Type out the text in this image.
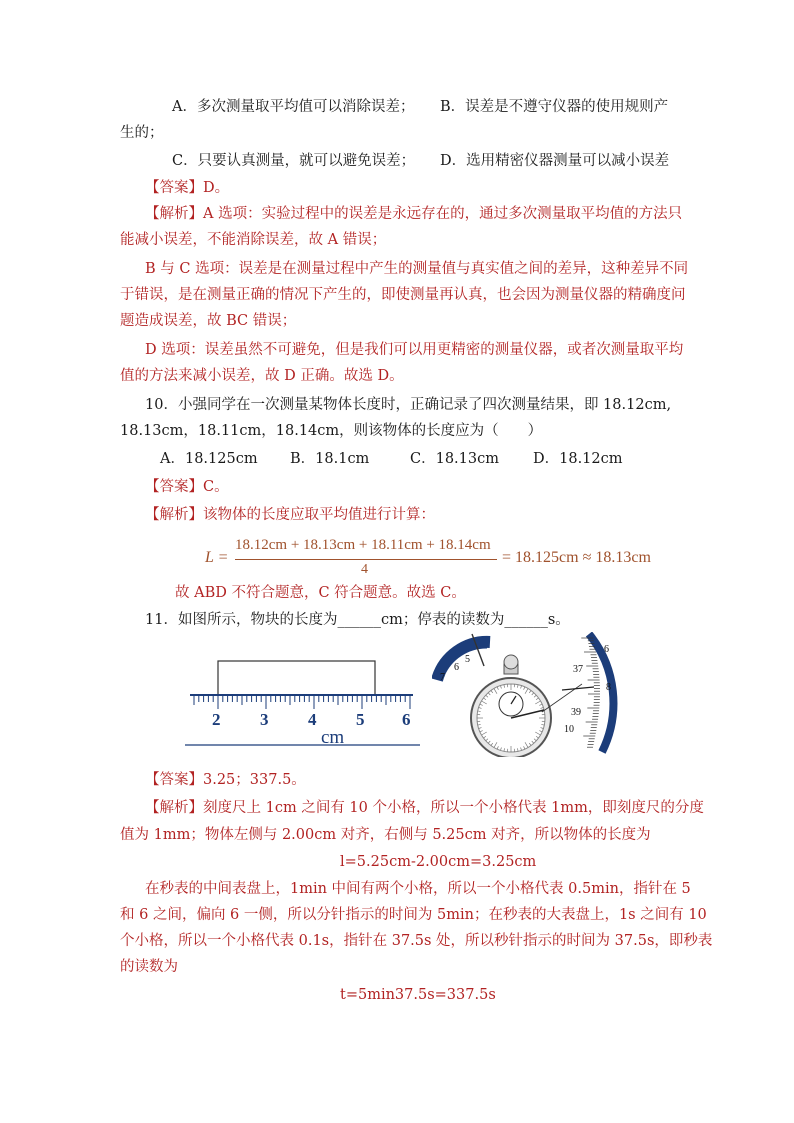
A．多次测量取平均值可以消除误差； B．误差是不遵守仪器的使用规则产
生的；
C．只要认真测量，就可以避免误差； D．选用精密仪器测量可以减小误差
【答案】D。
【解析】A 选项：实验过程中的误差是永远存在的，通过多次测量取平均值的方法只
能减小误差，不能消除误差，故 A 错误；
B 与 C 选项：误差是在测量过程中产生的测量值与真实值之间的差异，这种差异不同
于错误，是在测量正确的情况下产生的，即使测量再认真，也会因为测量仪器的精确度问
题造成误差，故 BC 错误；
D 选项：误差虽然不可避免，但是我们可以用更精密的测量仪器，或者次测量取平均
值的方法来减小误差，故 D 正确。故选 D。
10．小强同学在一次测量某物体长度时，正确记录了四次测量结果，即 18.12cm,
18.13cm，18.11cm，18.14cm，则该物体的长度应为（　　）
A．18.125cm B．18.1cm	C．18.13cm D．18.12cm
【答案】C。
【解析】该物体的长度应取平均值进行计算：
L =
18.12cm + 18.13cm + 18.11cm + 18.14cm
4
= 18.125cm ≈ 18.13cm
故 ABD 不符合题意，C 符合题意。故选 C。
11．如图所示，物块的长度为______cm；停表的读数为______s。
2 3 4 5 6
cm
5
6
7
6
37
8
39
10
【答案】3.25；337.5。
【解析】刻度尺上 1cm 之间有 10 个小格，所以一个小格代表 1mm，即刻度尺的分度
值为 1mm；物体左侧与 2.00cm 对齐，右侧与 5.25cm 对齐，所以物体的长度为
l=5.25cm-2.00cm=3.25cm
在秒表的中间表盘上，1min 中间有两个小格，所以一个小格代表 0.5min，指针在 5
和 6 之间，偏向 6 一侧，所以分针指示的时间为 5min；在秒表的大表盘上，1s 之间有 10
个小格，所以一个小格代表 0.1s，指针在 37.5s 处，所以秒针指示的时间为 37.5s，即秒表
的读数为
t=5min37.5s=337.5s
